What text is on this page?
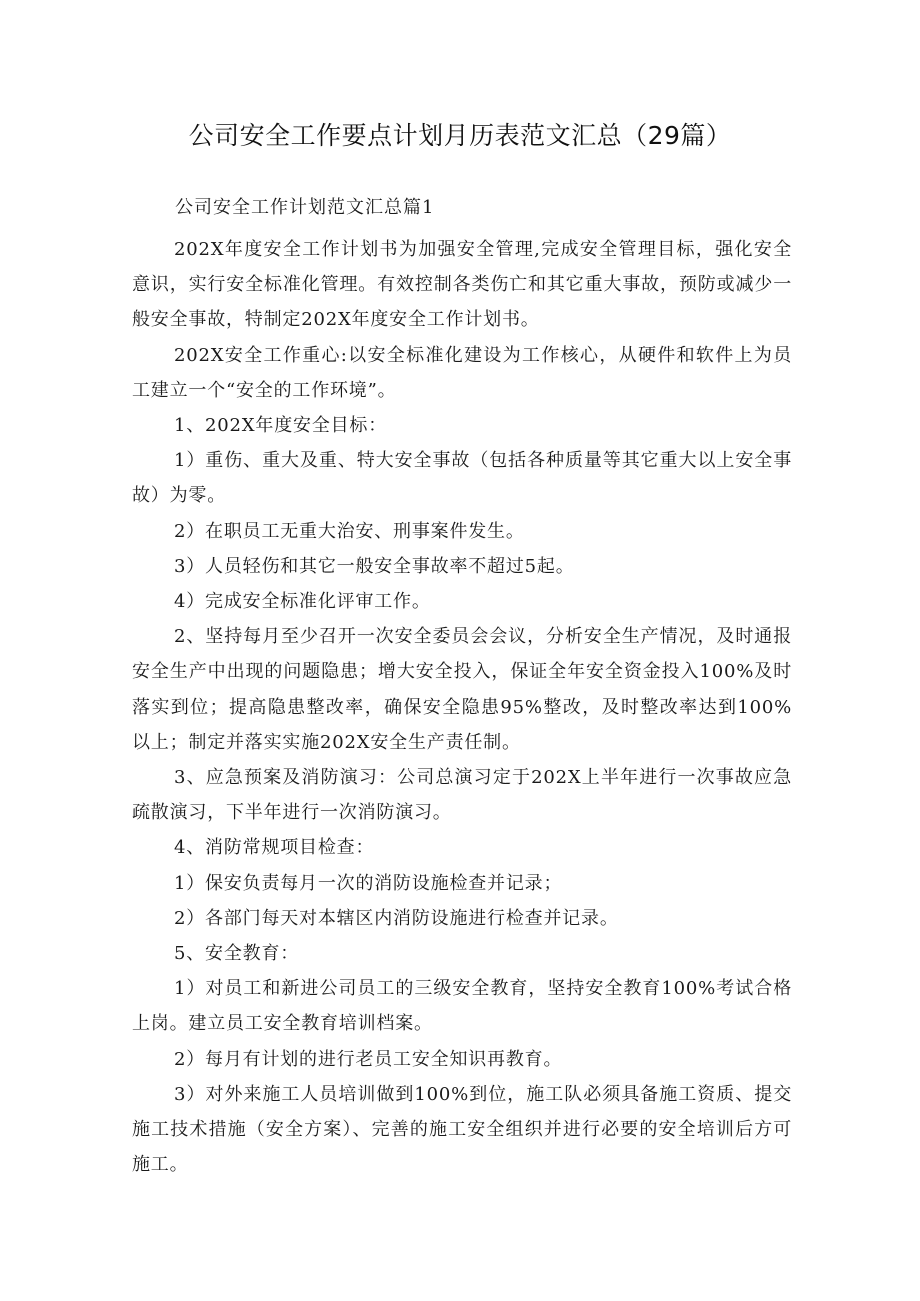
公司安全工作要点计划月历表范文汇总（29篇）

公司安全工作计划范文汇总篇1

202X年度安全工作计划书为加强安全管理,完成安全管理目标，强化安全意识，实行安全标准化管理。有效控制各类伤亡和其它重大事故，预防或减少一般安全事故，特制定202X年度安全工作计划书。

202X安全工作重心:以安全标准化建设为工作核心，从硬件和软件上为员工建立一个“安全的工作环境”。

1、202X年度安全目标：

1）重伤、重大及重、特大安全事故（包括各种质量等其它重大以上安全事故）为零。

2）在职员工无重大治安、刑事案件发生。

3）人员轻伤和其它一般安全事故率不超过5起。

4）完成安全标准化评审工作。

2、坚持每月至少召开一次安全委员会会议，分析安全生产情况，及时通报安全生产中出现的问题隐患；增大安全投入，保证全年安全资金投入100%及时落实到位；提高隐患整改率，确保安全隐患95%整改，及时整改率达到100%以上；制定并落实实施202X安全生产责任制。

3、应急预案及消防演习：公司总演习定于202X上半年进行一次事故应急疏散演习，下半年进行一次消防演习。

4、消防常规项目检查：

1）保安负责每月一次的消防设施检查并记录；

2）各部门每天对本辖区内消防设施进行检查并记录。

5、安全教育：

1）对员工和新进公司员工的三级安全教育，坚持安全教育100%考试合格上岗。建立员工安全教育培训档案。

2）每月有计划的进行老员工安全知识再教育。

3）对外来施工人员培训做到100%到位，施工队必须具备施工资质、提交施工技术措施（安全方案）、完善的施工安全组织并进行必要的安全培训后方可施工。
